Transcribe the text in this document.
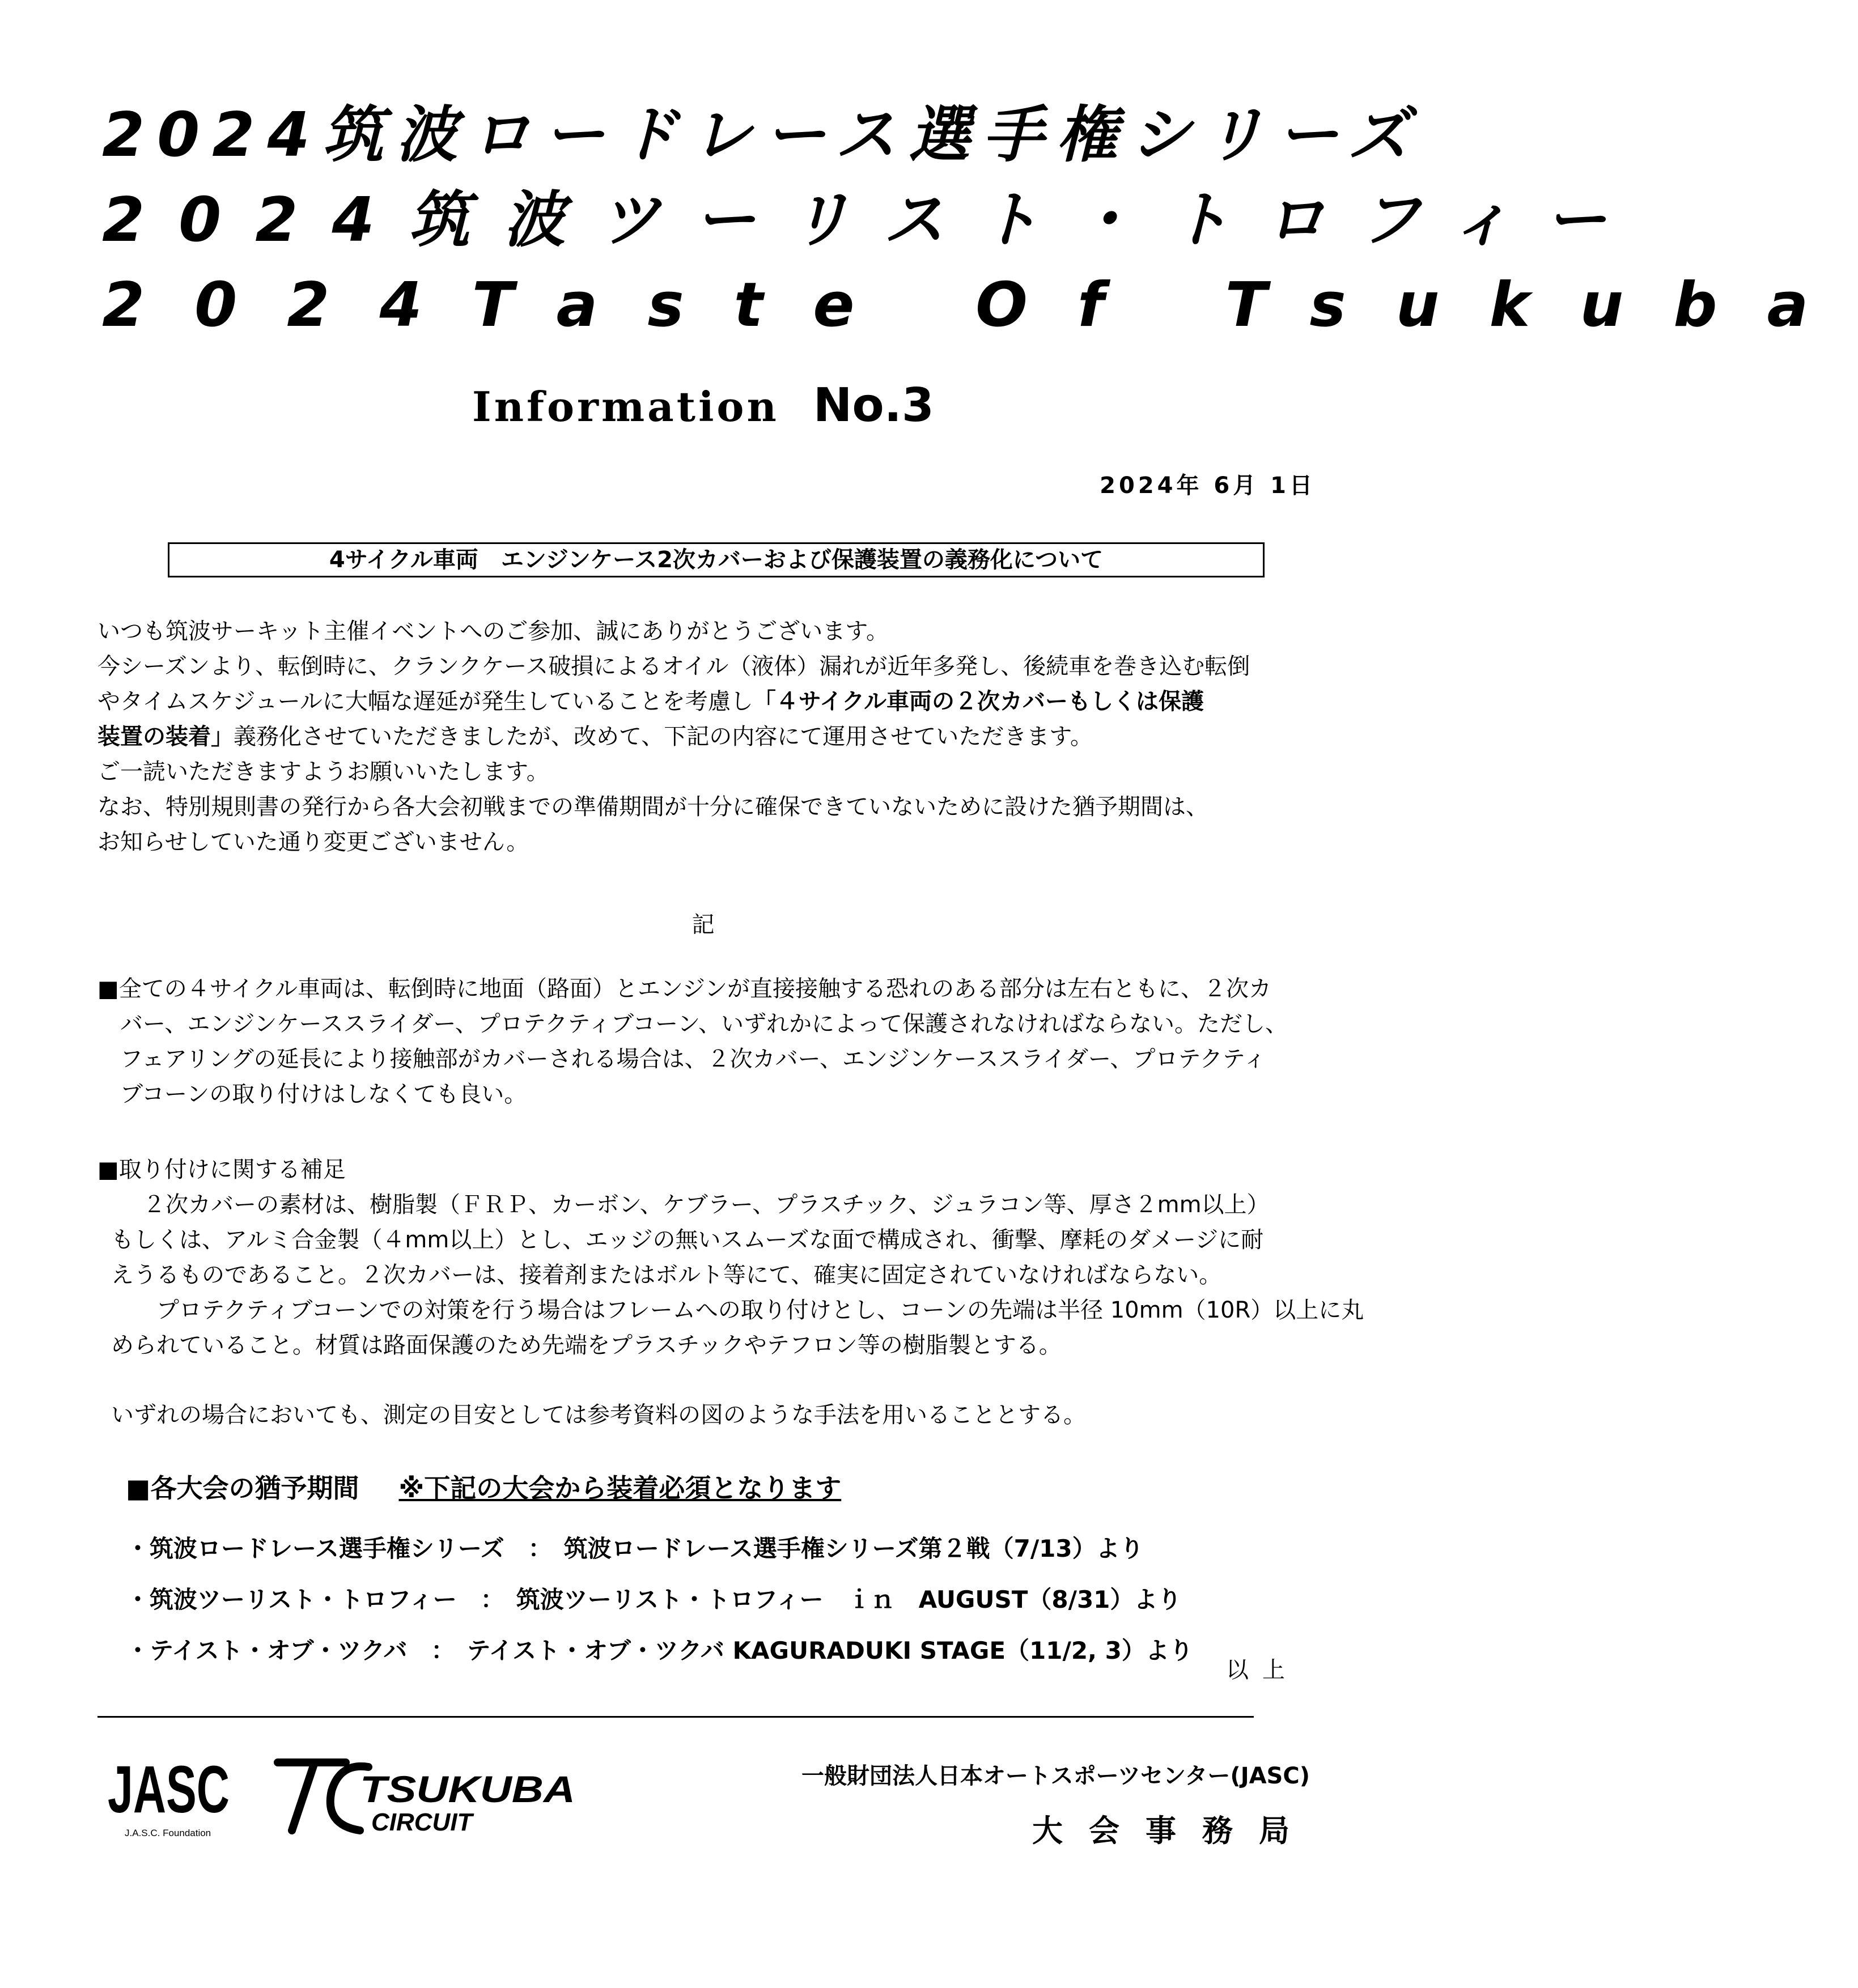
2024筑波ロードレース選手権シリーズ
2024筑波ツーリスト・トロフィー
2024Taste Of Tsukuba
Information No.3
2024年 6月 1日
4サイクル車両　エンジンケース2次カバーおよび保護装置の義務化について
いつも筑波サーキット主催イベントへのご参加、誠にありがとうございます。
今シーズンより、転倒時に、クランクケース破損によるオイル（液体）漏れが近年多発し、後続車を巻き込む転倒
やタイムスケジュールに大幅な遅延が発生していることを考慮し「４サイクル車両の２次カバーもしくは保護
装置の装着」義務化させていただきましたが、改めて、下記の内容にて運用させていただきます。
ご一読いただきますようお願いいたします。
なお、特別規則書の発行から各大会初戦までの準備期間が十分に確保できていないために設けた猶予期間は、
お知らせしていた通り変更ございません。
記
■全ての４サイクル車両は、転倒時に地面（路面）とエンジンが直接接触する恐れのある部分は左右ともに、２次カ
バー、エンジンケーススライダー、プロテクティブコーン、いずれかによって保護されなければならない。ただし、
フェアリングの延長により接触部がカバーされる場合は、２次カバー、エンジンケーススライダー、プロテクティ
ブコーンの取り付けはしなくても良い。
■取り付けに関する補足
２次カバーの素材は、樹脂製（ＦＲＰ、カーボン、ケブラー、プラスチック、ジュラコン等、厚さ２mm以上）
もしくは、アルミ合金製（４mm以上）とし、エッジの無いスムーズな面で構成され、衝撃、摩耗のダメージに耐
えうるものであること。２次カバーは、接着剤またはボルト等にて、確実に固定されていなければならない。
プロテクティブコーンでの対策を行う場合はフレームへの取り付けとし、コーンの先端は半径 10mm（10R）以上に丸
められていること。材質は路面保護のため先端をプラスチックやテフロン等の樹脂製とする。
いずれの場合においても、測定の目安としては参考資料の図のような手法を用いることとする。
■各大会の猶予期間 ※下記の大会から装着必須となります
・筑波ロードレース選手権シリーズ　：　筑波ロードレース選手権シリーズ第２戦（7/13）より
・筑波ツーリスト・トロフィー　：　筑波ツーリスト・トロフィー　ｉｎ　AUGUST（8/31）より
・テイスト・オブ・ツクバ　：　テイスト・オブ・ツクバ KAGURADUKI STAGE（11/2, 3）より
以上
JASC
J.A.S.C. Foundation
TSUKUBA
CIRCUIT
一般財団法人日本オートスポーツセンター(JASC)
大会事務局
